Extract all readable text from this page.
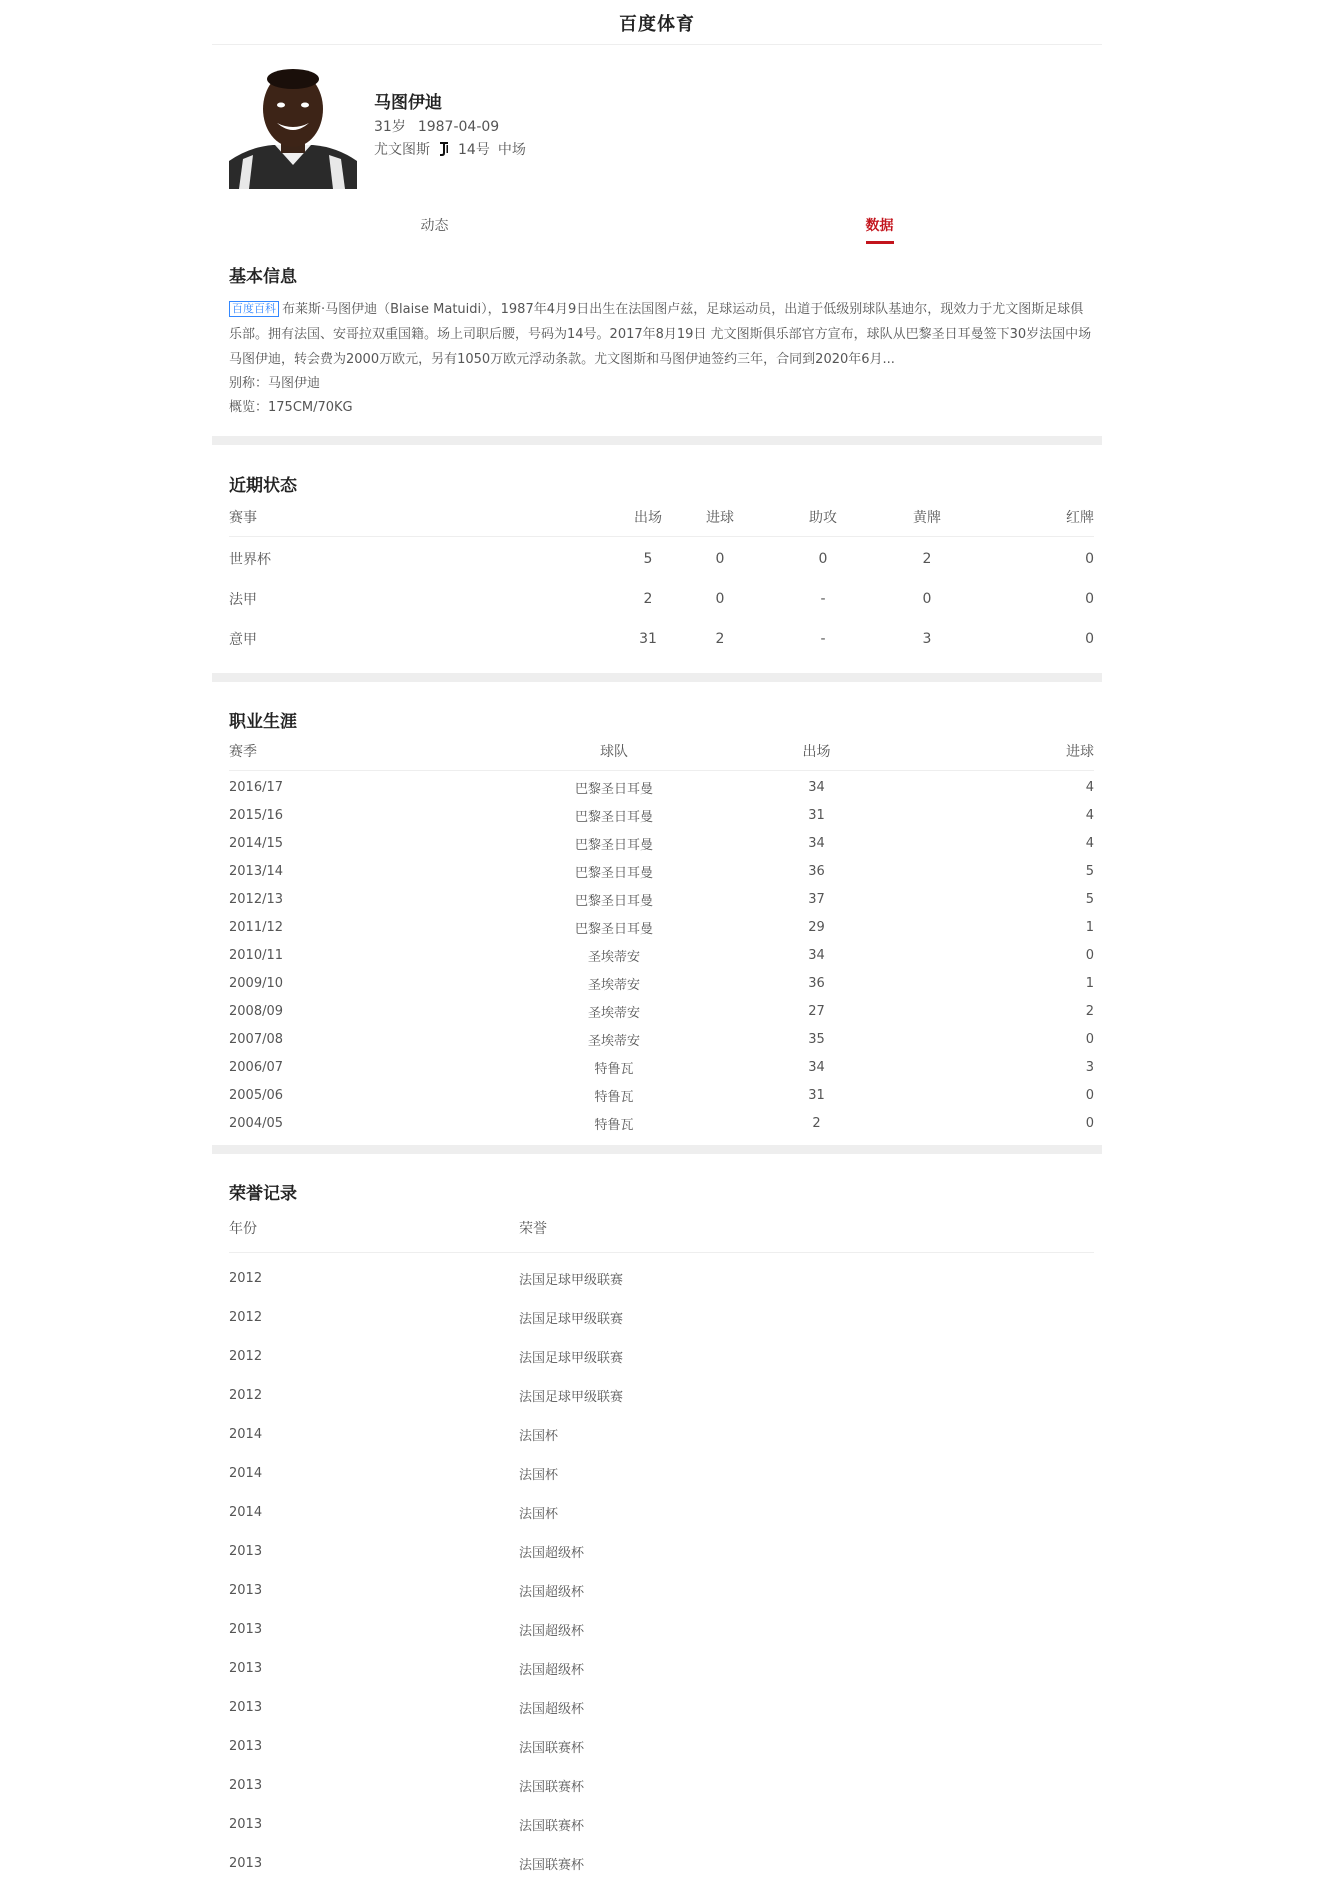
百度体育
马图伊迪
31岁 1987-04-09
尤文图斯 14号 中场
动态	数据
基本信息
百度百科 布莱斯·马图伊迪（Blaise Matuidi），1987年4月9日出生在法国图卢兹，足球运动员，出道于低级别球队基迪尔，现效力于尤文图斯足球俱乐部。拥有法国、安哥拉双重国籍。场上司职后腰，号码为14号。2017年8月19日 尤文图斯俱乐部官方宣布，球队从巴黎圣日耳曼签下30岁法国中场马图伊迪，转会费为2000万欧元，另有1050万欧元浮动条款。尤文图斯和马图伊迪签约三年，合同到2020年6月...
别称：马图伊迪
概览：175CM/70KG
近期状态
赛事	出场	进球	助攻	黄牌	红牌
世界杯	5	0	0	2	0
法甲	2	0	-	0	0
意甲	31	2	-	3	0
职业生涯
赛季	球队	出场	进球
2016/17	巴黎圣日耳曼	34	4
2015/16	巴黎圣日耳曼	31	4
2014/15	巴黎圣日耳曼	34	4
2013/14	巴黎圣日耳曼	36	5
2012/13	巴黎圣日耳曼	37	5
2011/12	巴黎圣日耳曼	29	1
2010/11	圣埃蒂安	34	0
2009/10	圣埃蒂安	36	1
2008/09	圣埃蒂安	27	2
2007/08	圣埃蒂安	35	0
2006/07	特鲁瓦	34	3
2005/06	特鲁瓦	31	0
2004/05	特鲁瓦	2	0
荣誉记录
年份	荣誉
2012	法国足球甲级联赛
2012	法国足球甲级联赛
2012	法国足球甲级联赛
2012	法国足球甲级联赛
2014	法国杯
2014	法国杯
2014	法国杯
2013	法国超级杯
2013	法国超级杯
2013	法国超级杯
2013	法国超级杯
2013	法国超级杯
2013	法国联赛杯
2013	法国联赛杯
2013	法国联赛杯
2013	法国联赛杯
